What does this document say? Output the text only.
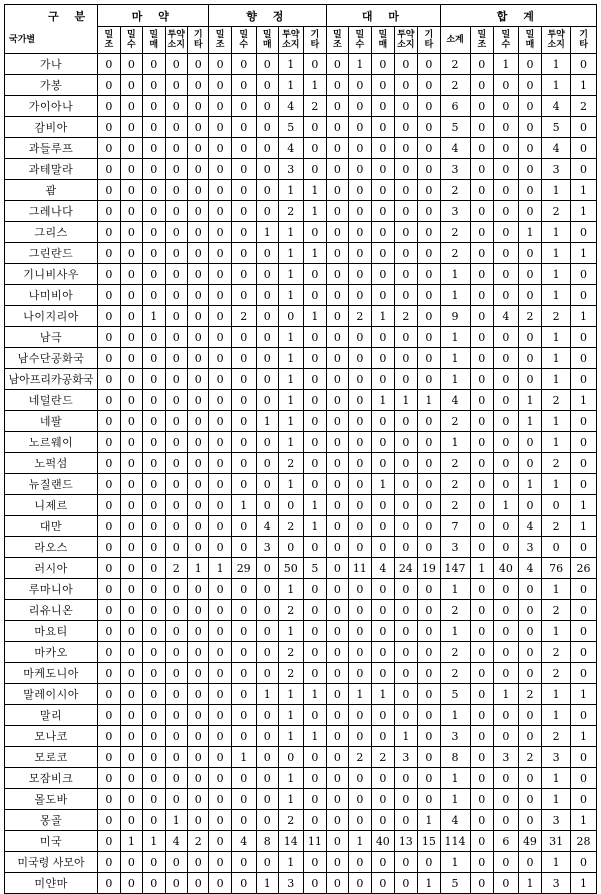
구 분	마 약					향 정					대 마					합 계					
국가별	밀조	밀수	밀매	투약소지	기타	밀조	밀수	밀매	투약소지	기타	밀조	밀수	밀매	투약소지	기타	소계	밀조	밀수	밀매	투약소지	기타
가나	0	0	0	0	0	0	0	0	1	0	0	1	0	0	0	2	0	1	0	1	0
가봉	0	0	0	0	0	0	0	0	1	1	0	0	0	0	0	2	0	0	0	1	1
가이아나	0	0	0	0	0	0	0	0	4	2	0	0	0	0	0	6	0	0	0	4	2
감비아	0	0	0	0	0	0	0	0	5	0	0	0	0	0	0	5	0	0	0	5	0
과들루프	0	0	0	0	0	0	0	0	4	0	0	0	0	0	0	4	0	0	0	4	0
과테말라	0	0	0	0	0	0	0	0	3	0	0	0	0	0	0	3	0	0	0	3	0
괌	0	0	0	0	0	0	0	0	1	1	0	0	0	0	0	2	0	0	0	1	1
그레나다	0	0	0	0	0	0	0	0	2	1	0	0	0	0	0	3	0	0	0	2	1
그리스	0	0	0	0	0	0	0	1	1	0	0	0	0	0	0	2	0	0	1	1	0
그린란드	0	0	0	0	0	0	0	0	1	1	0	0	0	0	0	2	0	0	0	1	1
기니비사우	0	0	0	0	0	0	0	0	1	0	0	0	0	0	0	1	0	0	0	1	0
나미비아	0	0	0	0	0	0	0	0	1	0	0	0	0	0	0	1	0	0	0	1	0
나이지리아	0	0	1	0	0	0	2	0	0	1	0	2	1	2	0	9	0	4	2	2	1
남극	0	0	0	0	0	0	0	0	1	0	0	0	0	0	0	1	0	0	0	1	0
남수단공화국	0	0	0	0	0	0	0	0	1	0	0	0	0	0	0	1	0	0	0	1	0
남아프리카공화국	0	0	0	0	0	0	0	0	1	0	0	0	0	0	0	1	0	0	0	1	0
네덜란드	0	0	0	0	0	0	0	0	1	0	0	0	1	1	1	4	0	0	1	2	1
네팔	0	0	0	0	0	0	0	1	1	0	0	0	0	0	0	2	0	0	1	1	0
노르웨이	0	0	0	0	0	0	0	0	1	0	0	0	0	0	0	1	0	0	0	1	0
노퍽섬	0	0	0	0	0	0	0	0	2	0	0	0	0	0	0	2	0	0	0	2	0
뉴질랜드	0	0	0	0	0	0	0	0	1	0	0	0	1	0	0	2	0	0	1	1	0
니제르	0	0	0	0	0	0	1	0	0	1	0	0	0	0	0	2	0	1	0	0	1
대만	0	0	0	0	0	0	0	4	2	1	0	0	0	0	0	7	0	0	4	2	1
라오스	0	0	0	0	0	0	0	3	0	0	0	0	0	0	0	3	0	0	3	0	0
러시아	0	0	0	2	1	1	29	0	50	5	0	11	4	24	19	147	1	40	4	76	26
루마니아	0	0	0	0	0	0	0	0	1	0	0	0	0	0	0	1	0	0	0	1	0
리유니온	0	0	0	0	0	0	0	0	2	0	0	0	0	0	0	2	0	0	0	2	0
마요티	0	0	0	0	0	0	0	0	1	0	0	0	0	0	0	1	0	0	0	1	0
마카오	0	0	0	0	0	0	0	0	2	0	0	0	0	0	0	2	0	0	0	2	0
마케도니아	0	0	0	0	0	0	0	0	2	0	0	0	0	0	0	2	0	0	0	2	0
말레이시아	0	0	0	0	0	0	0	1	1	1	0	1	1	0	0	5	0	1	2	1	1
말리	0	0	0	0	0	0	0	0	1	0	0	0	0	0	0	1	0	0	0	1	0
모나코	0	0	0	0	0	0	0	0	1	1	0	0	0	1	0	3	0	0	0	2	1
모로코	0	0	0	0	0	0	1	0	0	0	0	2	2	3	0	8	0	3	2	3	0
모잠비크	0	0	0	0	0	0	0	0	1	0	0	0	0	0	0	1	0	0	0	1	0
몰도바	0	0	0	0	0	0	0	0	1	0	0	0	0	0	0	1	0	0	0	1	0
몽골	0	0	0	1	0	0	0	0	2	0	0	0	0	0	1	4	0	0	0	3	1
미국	0	1	1	4	2	0	4	8	14	11	0	1	40	13	15	114	0	6	49	31	28
미국령 사모아	0	0	0	0	0	0	0	0	1	0	0	0	0	0	0	1	0	0	0	1	0
미얀마	0	0	0	0	0	0	0	1	3	0	0	0	0	0	1	5	0	0	1	3	1
